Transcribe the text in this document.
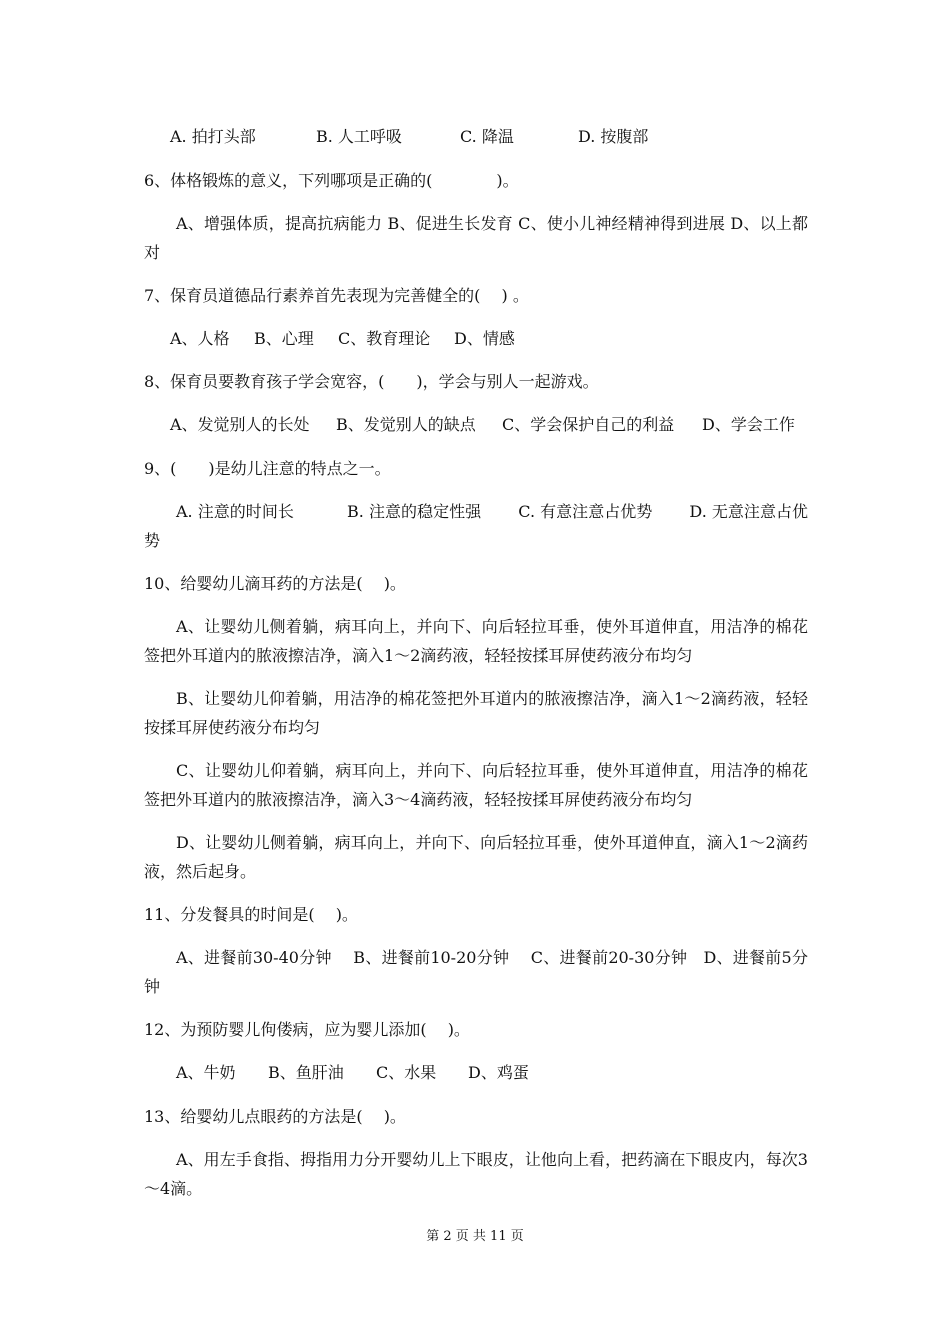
A. 拍打头部	B. 人工呼吸	C. 降温	D. 按腹部
6、体格锻炼的意义，下列哪项是正确的(　　　　)。
A、增强体质，提高抗病能力 B、促进生长发育 C、使小儿神经精神得到进展 D、以上都对
7、保育员道德品行素养首先表现为完善健全的(　 ) 。
A、人格 B、心理 C、教育理论 D、情感
8、保育员要教育孩子学会宽容，(　　)，学会与别人一起游戏。
A、发觉别人的长处 B、发觉别人的缺点 C、学会保护自己的利益 D、学会工作
9、(　　)是幼儿注意的特点之一。
A. 注意的时间长　　　 B. 注意的稳定性强　　 C. 有意注意占优势　　 D. 无意注意占优势
10、给婴幼儿滴耳药的方法是(　 )。
A、让婴幼儿侧着躺，病耳向上，并向下、向后轻拉耳垂，使外耳道伸直，用洁净的棉花签把外耳道内的脓液擦洁净，滴入1～2滴药液，轻轻按揉耳屏使药液分布均匀
B、让婴幼儿仰着躺，用洁净的棉花签把外耳道内的脓液擦洁净，滴入1～2滴药液，轻轻按揉耳屏使药液分布均匀
C、让婴幼儿仰着躺，病耳向上，并向下、向后轻拉耳垂，使外耳道伸直，用洁净的棉花签把外耳道内的脓液擦洁净，滴入3～4滴药液，轻轻按揉耳屏使药液分布均匀
D、让婴幼儿侧着躺，病耳向上，并向下、向后轻拉耳垂，使外耳道伸直，滴入1～2滴药液，然后起身。
11、分发餐具的时间是(　 )。
A、进餐前30-40分钟　 B、进餐前10-20分钟　 C、进餐前20-30分钟　D、进餐前5分钟
12、为预防婴儿佝偻病，应为婴儿添加(　 )。
A、牛奶 B、鱼肝油 C、水果 D、鸡蛋
13、给婴幼儿点眼药的方法是(　 )。
A、用左手食指、拇指用力分开婴幼儿上下眼皮，让他向上看，把药滴在下眼皮内，每次3～4滴。
第 2 页 共 11 页
